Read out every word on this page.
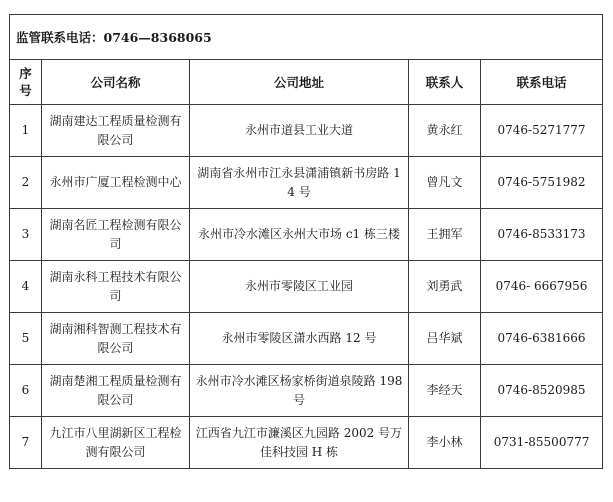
监管联系电话：0746—8368065				
序号	公司名称	公司地址	联系人	联系电话
1	湖南建达工程质量检测有限公司	永州市道县工业大道	黄永红	0746-5271777
2	永州市广厦工程检测中心	湖南省永州市江永县潇浦镇新书房路 14 号	曾凡文	0746-5751982
3	湖南名匠工程检测有限公司	永州市冷水滩区永州大市场 c1 栋三楼	王拥军	0746-8533173
4	湖南永科工程技术有限公司	永州市零陵区工业园	刘勇武	0746- 6667956
5	湖南湘科智测工程技术有限公司	永州市零陵区潇水西路 12 号	吕华斌	0746-6381666
6	湖南楚湘工程质量检测有限公司	永州市冷水滩区杨家桥街道泉陵路 198 号	李经天	0746-8520985
7	九江市八里湖新区工程检测有限公司	江西省九江市濂溪区九园路 2002 号万佳科技园 H 栋	李小林	0731-85500777
